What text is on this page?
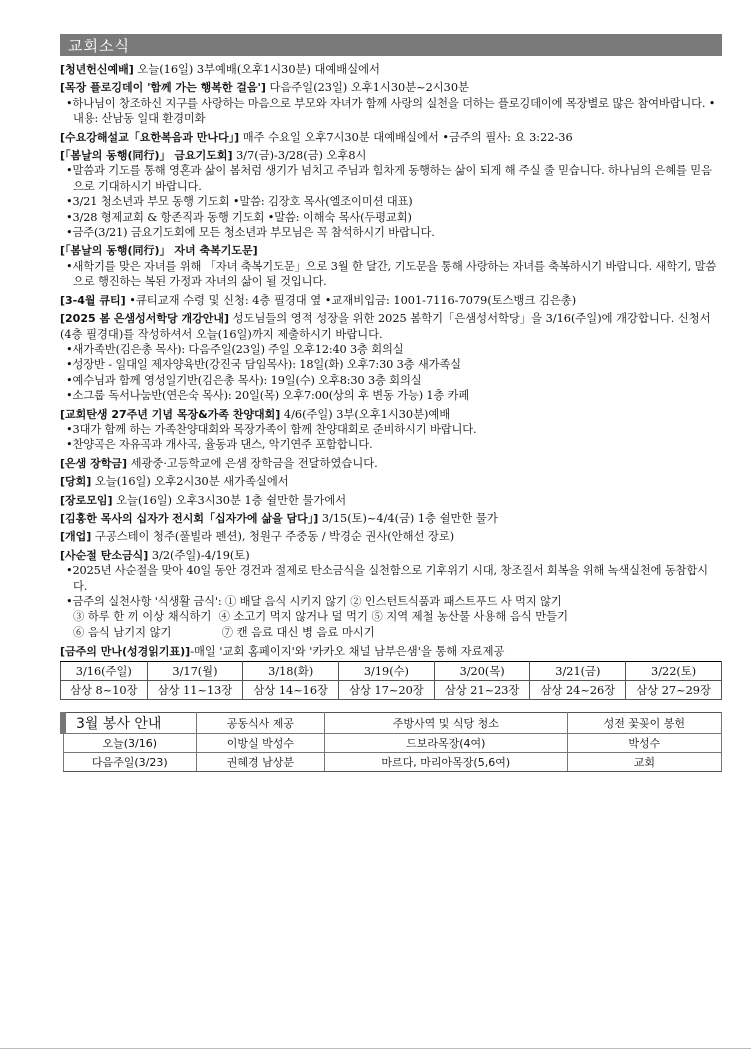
교회소식
[청년헌신예배] 오늘(16일) 3부예배(오후1시30분) 대예배실에서
[목장 플로깅데이 '함께 가는 행복한 걸음'] 다음주일(23일) 오후1시30분~2시30분
•하나님이 창조하신 지구를 사랑하는 마음으로 부모와 자녀가 함께 사랑의 실천을 더하는 플로깅데이에 목장별로 많은 참여바랍니다. •내용: 산남동 일대 환경미화
[수요강해설교「요한복음과 만나다」] 매주 수요일 오후7시30분 대예배실에서 •금주의 필사: 요 3:22-36
[「봄날의 동행(同行)」 금요기도회] 3/7(금)-3/28(금) 오후8시
•말씀과 기도를 통해 영혼과 삶이 봄처럼 생기가 넘치고 주님과 힘차게 동행하는 삶이 되게 해 주실 줄 믿습니다. 하나님의 은혜를 믿음으로 기대하시기 바랍니다.
•3/21 청소년과 부모 동행 기도회 •말씀: 김장호 목사(엘조이미션 대표)
•3/28 형제교회 & 항존직과 동행 기도회 •말씀: 이해숙 목사(두평교회)
•금주(3/21) 금요기도회에 모든 청소년과 부모님은 꼭 참석하시기 바랍니다.
[「봄날의 동행(同行)」 자녀 축복기도문]
•새학기를 맞은 자녀를 위해 「자녀 축복기도문」으로 3월 한 달간, 기도문을 통해 사랑하는 자녀를 축복하시기 바랍니다. 새학기, 말씀으로 행진하는 복된 가정과 자녀의 삶이 될 것입니다.
[3-4월 큐티] •큐티교재 수령 및 신청: 4층 필경대 옆 •교재비입금: 1001-7116-7079(토스뱅크 김은총)
[2025 봄 은샘성서학당 개강안내] 성도님들의 영적 성장을 위한 2025 봄학기「은샘성서학당」을 3/16(주일)에 개강합니다. 신청서(4층 필경대)를 작성하셔서 오늘(16일)까지 제출하시기 바랍니다.
•새가족반(김은총 목사): 다음주일(23일) 주일 오후12:40 3층 회의실
•성장반 - 일대일 제자양육반(강진국 담임목사): 18일(화) 오후7:30 3층 새가족실
•예수님과 함께 영성일기반(김은총 목사): 19일(수) 오후8:30 3층 회의실
•소그룹 독서나눔반(연은숙 목사): 20일(목) 오후7:00(상의 후 변동 가능) 1층 카페
[교회탄생 27주년 기념 목장&가족 찬양대회] 4/6(주일) 3부(오후1시30분)예배
•3대가 함께 하는 가족찬양대회와 목장가족이 함께 찬양대회로 준비하시기 바랍니다.
•찬양곡은 자유곡과 개사곡, 율동과 댄스, 악기연주 포함합니다.
[은샘 장학금] 세광중·고등학교에 은샘 장학금을 전달하였습니다.
[당회] 오늘(16일) 오후2시30분 새가족실에서
[장로모임] 오늘(16일) 오후3시30분 1층 쉴만한 물가에서
[김홍한 목사의 십자가 전시회「십자가에 삶을 담다」] 3/15(토)~4/4(금) 1층 쉴만한 물가
[개업] 구공스테이 청주(풀빌라 펜션), 청원구 주중동 / 박경순 권사(안해선 장로)
[사순절 탄소금식] 3/2(주일)-4/19(토)
•2025년 사순절을 맞아 40일 동안 경건과 절제로 탄소금식을 실천함으로 기후위기 시대, 창조질서 회복을 위해 녹색실천에 동참합시다.
•금주의 실천사항 '식생활 금식': ① 배달 음식 시키지 않기 ② 인스턴트식품과 패스트푸드 사 먹지 않기
③ 하루 한 끼 이상 채식하기  ④ 소고기 먹지 않거나 덜 먹기 ⑤ 지역 제철 농산물 사용해 음식 만들기
⑥ 음식 남기지 않기              ⑦ 캔 음료 대신 병 음료 마시기
[금주의 만나(성경읽기표)]-매일 '교회 홈페이지'와 '카카오 채널 남부은샘'을 통해 자료제공
3/16(주일)	3/17(월)	3/18(화)	3/19(수)	3/20(목)	3/21(금)	3/22(토)
삼상 8~10장	삼상 11~13장	삼상 14~16장	삼상 17~20장	삼상 21~23장	삼상 24~26장	삼상 27~29장
3월 봉사 안내	공동식사 제공	주방사역 및 식당 청소	성전 꽃꽂이 봉헌
오늘(3/16)	이방실 박성수	드보라목장(4여)	박성수
다음주일(3/23)	권혜경 남상분	마르다, 마리아목장(5,6여)	교회
